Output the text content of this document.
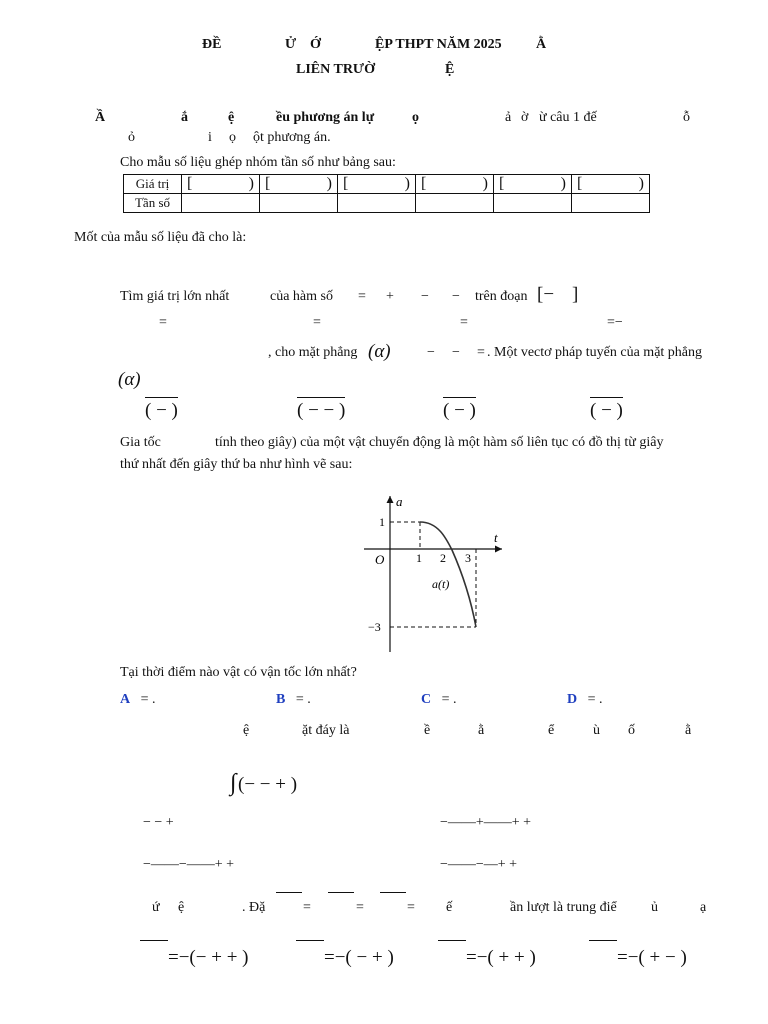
ĐỀ	Ử Ớ	ỆP THPT NĂM 2025 Ằ
LIÊN TRƯỜ	Ệ
Ầ	ắ	ệ	ều phương án lự	ọ	ả ờ ừ câu 1 đế	ỗ
ỏ	i ọ ột phương án.
Cho mẫu số liệu ghép nhóm tần số như bảng sau:
Giá trị	[ )	[ )	[ )	[ )	[ )	[ )

Tần số						
Mốt của mẫu số liệu đã cho là:
Tìm giá trị lớn nhất	của hàm số = + − − trên đoạn [− ]
=	=	=	=−
, cho mặt phẳng (α)	− − = . Một vectơ pháp tuyến của mặt phẳng
(α)
( − )	( − − )	( − )	( − )
Gia tốc	tính theo giây) của một vật chuyển động là một hàm số liên tục có đồ thị từ giây
thứ nhất đến giây thứ ba như hình vẽ sau:
a
t
O	1 2 3
1
−3
a(t)
Tại thời điểm nào vật có vận tốc lớn nhất?
A = .	B = .	C = .	D = .
ệ	ặt đáy là	ề	ằ	ể	ù ố	ằ
∫ (− − + )
− − +	−——+——+ +
−——−——+ +	−——−—+ +
ứ ệ	. Đặ	=	=	= ế	ần lượt là trung điể ủ	ạ
=−(− + + )	=−( − + )	=−( + + )	=−( + − )
